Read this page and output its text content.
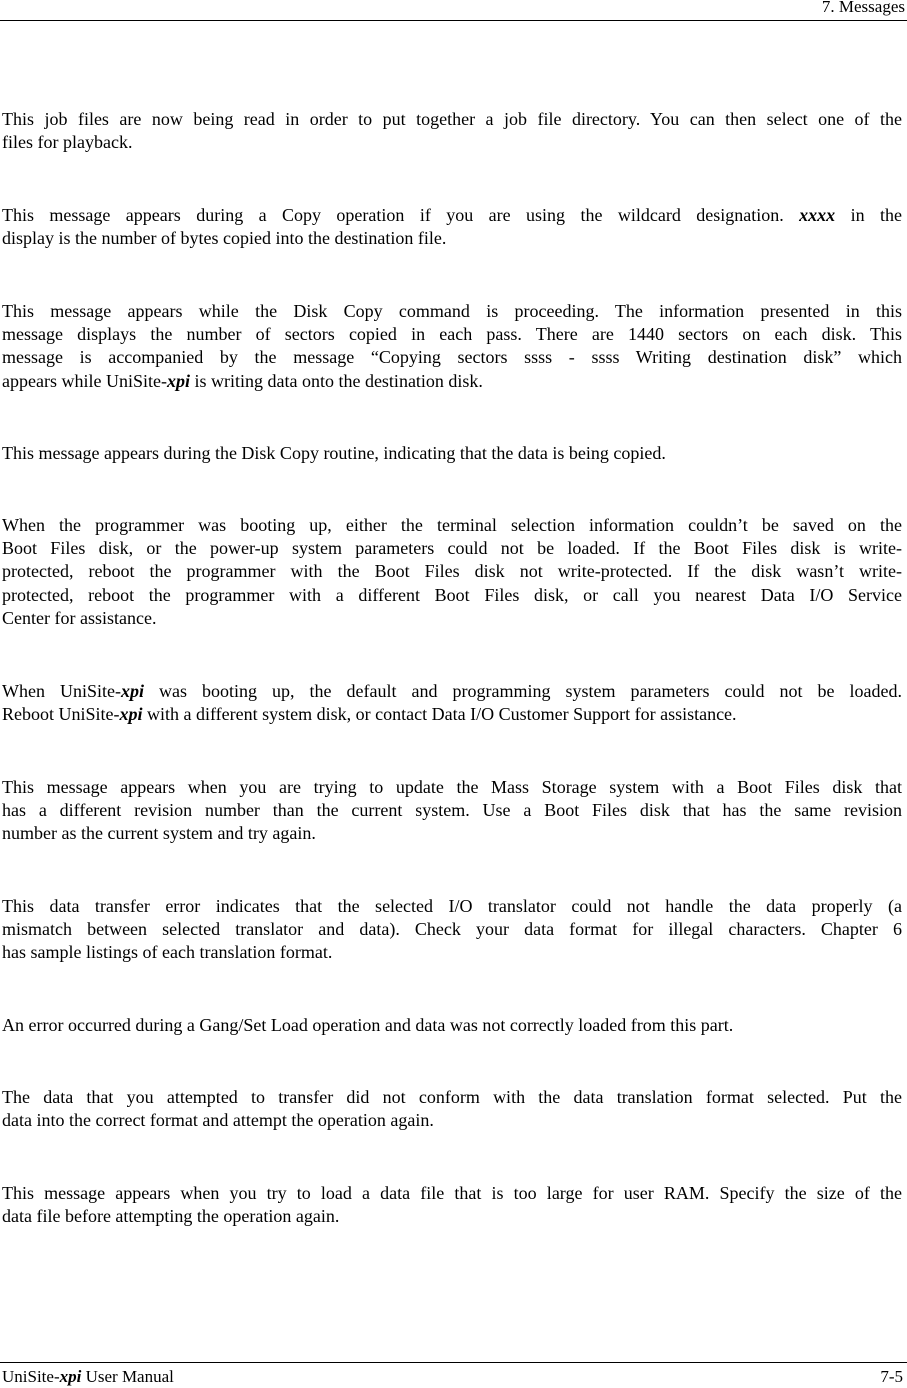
7. Messages
This job files are now being read in order to put together a job file directory. You can then select one of the
files for playback.
This message appears during a Copy operation if you are using the wildcard designation. xxxx in the
display is the number of bytes copied into the destination file.
This message appears while the Disk Copy command is proceeding. The information presented in this
message displays the number of sectors copied in each pass. There are 1440 sectors on each disk. This
message is accompanied by the message “Copying sectors ssss - ssss Writing destination disk” which
appears while UniSite-xpi is writing data onto the destination disk.
This message appears during the Disk Copy routine, indicating that the data is being copied.
When the programmer was booting up, either the terminal selection information couldn’t be saved on the
Boot Files disk, or the power-up system parameters could not be loaded. If the Boot Files disk is write-
protected, reboot the programmer with the Boot Files disk not write-protected. If the disk wasn’t write-
protected, reboot the programmer with a different Boot Files disk, or call you nearest Data I/O Service
Center for assistance.
When UniSite-xpi was booting up, the default and programming system parameters could not be loaded.
Reboot UniSite-xpi with a different system disk, or contact Data I/O Customer Support for assistance.
This message appears when you are trying to update the Mass Storage system with a Boot Files disk that
has a different revision number than the current system. Use a Boot Files disk that has the same revision
number as the current system and try again.
This data transfer error indicates that the selected I/O translator could not handle the data properly (a
mismatch between selected translator and data). Check your data format for illegal characters. Chapter 6
has sample listings of each translation format.
An error occurred during a Gang/Set Load operation and data was not correctly loaded from this part.
The data that you attempted to transfer did not conform with the data translation format selected. Put the
data into the correct format and attempt the operation again.
This message appears when you try to load a data file that is too large for user RAM. Specify the size of the
data file before attempting the operation again.
UniSite-xpi User Manual	7-5
